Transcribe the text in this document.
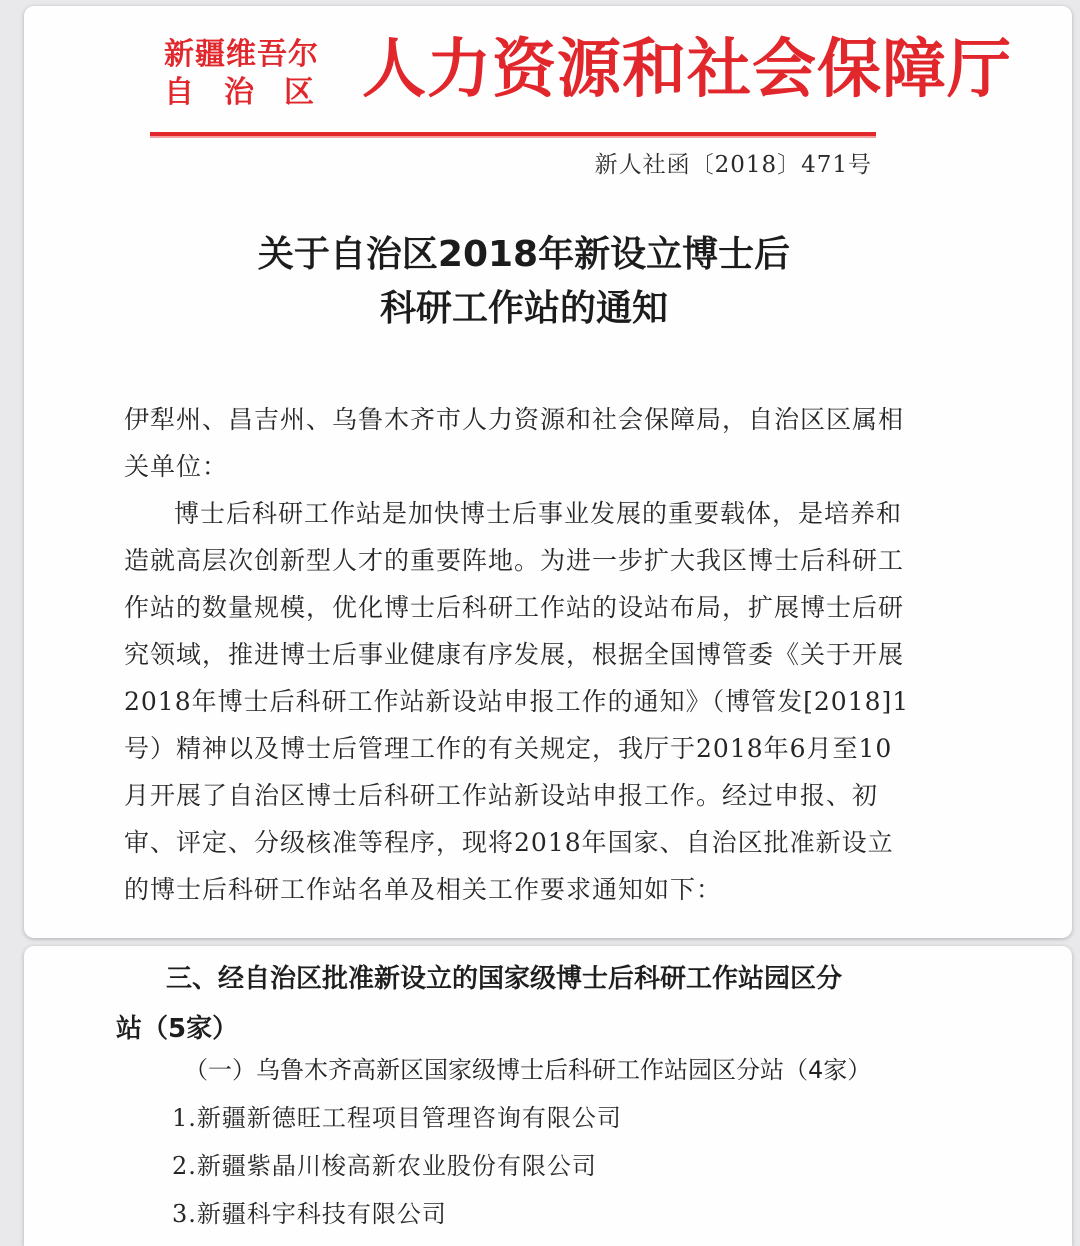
新疆维吾尔
自治区 人力资源和社会保障厅
新人社函〔2018〕471号
关于自治区2018年新设立博士后
科研工作站的通知

伊犁州、昌吉州、乌鲁木齐市人力资源和社会保障局，自治区区属相关单位：

博士后科研工作站是加快博士后事业发展的重要载体，是培养和造就高层次创新型人才的重要阵地。为进一步扩大我区博士后科研工作站的数量规模，优化博士后科研工作站的设站布局，扩展博士后研究领域，推进博士后事业健康有序发展，根据全国博管委《关于开展2018年博士后科研工作站新设站申报工作的通知》（博管发[2018]1号）精神以及博士后管理工作的有关规定，我厅于2018年6月至10月开展了自治区博士后科研工作站新设站申报工作。经过申报、初审、评定、分级核准等程序，现将2018年国家、自治区批准新设立的博士后科研工作站名单及相关工作要求通知如下：

三、经自治区批准新设立的国家级博士后科研工作站园区分
站（5家）
（一）乌鲁木齐高新区国家级博士后科研工作站园区分站（4家）
1.新疆新德旺工程项目管理咨询有限公司
2.新疆紫晶川梭高新农业股份有限公司
3.新疆科宇科技有限公司
